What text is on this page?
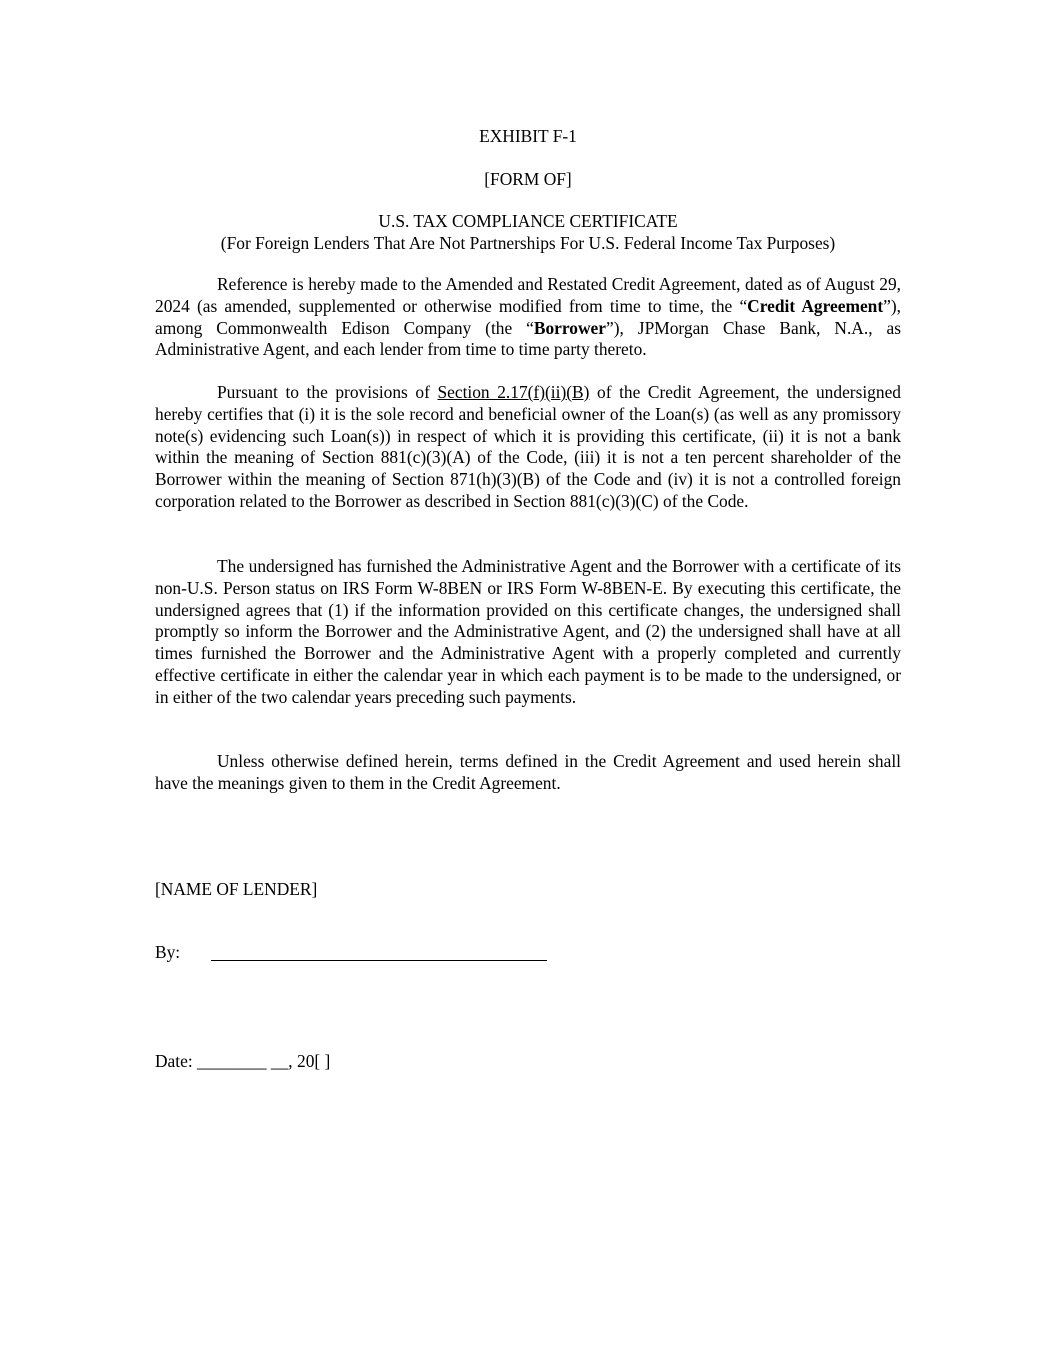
EXHIBIT F-1

[FORM OF]

U.S. TAX COMPLIANCE CERTIFICATE

(For Foreign Lenders That Are Not Partnerships For U.S. Federal Income Tax Purposes)

Reference is hereby made to the Amended and Restated Credit Agreement, dated as of August 29, 2024 (as amended, supplemented or otherwise modified from time to time, the “Credit Agreement”), among Commonwealth Edison Company (the “Borrower”), JPMorgan Chase Bank, N.A., as Administrative Agent, and each lender from time to time party thereto.

Pursuant to the provisions of Section 2.17(f)(ii)(B) of the Credit Agreement, the undersigned hereby certifies that (i) it is the sole record and beneficial owner of the Loan(s) (as well as any promissory note(s) evidencing such Loan(s)) in respect of which it is providing this certificate, (ii) it is not a bank within the meaning of Section 881(c)(3)(A) of the Code, (iii) it is not a ten percent shareholder of the Borrower within the meaning of Section 871(h)(3)(B) of the Code and (iv) it is not a controlled foreign corporation related to the Borrower as described in Section 881(c)(3)(C) of the Code.

The undersigned has furnished the Administrative Agent and the Borrower with a certificate of its non-U.S. Person status on IRS Form W-8BEN or IRS Form W-8BEN-E. By executing this certificate, the undersigned agrees that (1) if the information provided on this certificate changes, the undersigned shall promptly so inform the Borrower and the Administrative Agent, and (2) the undersigned shall have at all times furnished the Borrower and the Administrative Agent with a properly completed and currently effective certificate in either the calendar year in which each payment is to be made to the undersigned, or in either of the two calendar years preceding such payments.

Unless otherwise defined herein, terms defined in the Credit Agreement and used herein shall have the meanings given to them in the Credit Agreement.

[NAME OF LENDER]

By:

Date: ________ __, 20[ ]
